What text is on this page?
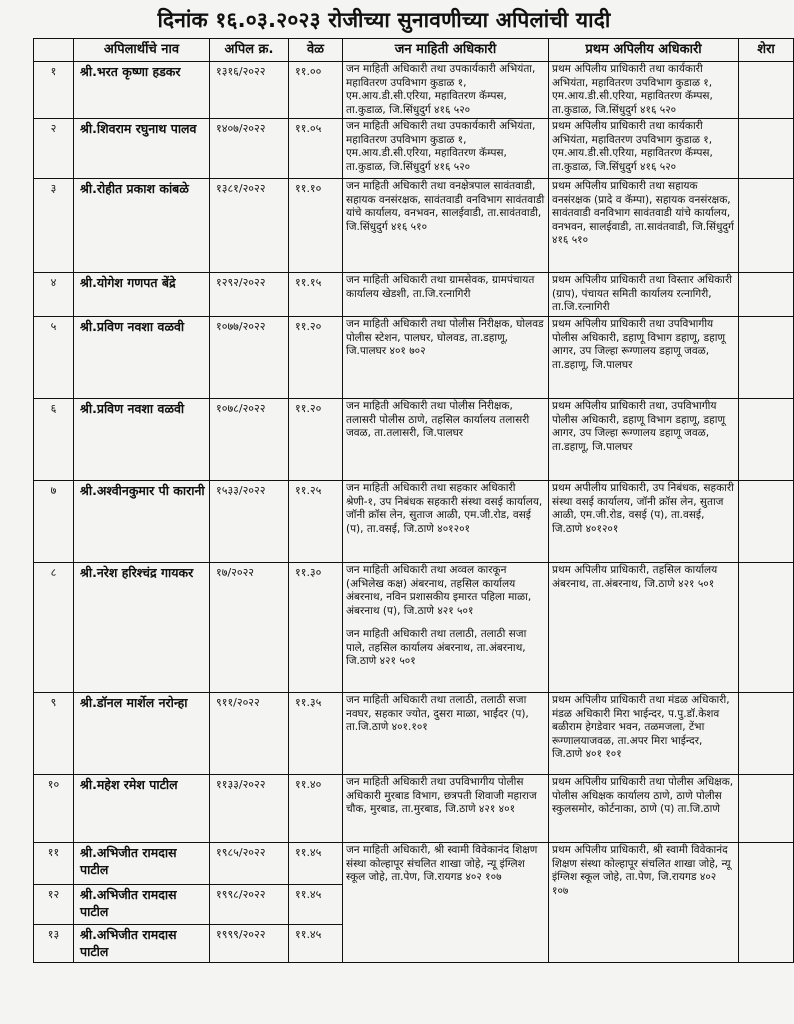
दिनांक १६.०३.२०२३ रोजीच्या सुनावणीच्या अपिलांची यादी
	अपिलार्थीचे नाव	अपिल क्र.	वेळ	जन माहिती अधिकारी	प्रथम अपिलीय अधिकारी	शेरा
१	श्री.भरत कृष्णा हडकर	१३१६/२०२२	११.००	जन माहिती अधिकारी तथा उपकार्यकारी अभियंता, महावितरण उपविभाग कुडाळ १, एम.आय.डी.सी.एरिया, महावितरण कॅम्पस, ता.कुडाळ, जि.सिंधुदुर्ग ४१६ ५२०	प्रथम अपिलीय प्राधिकारी तथा कार्यकारी अभियंता, महावितरण उपविभाग कुडाळ १, एम.आय.डी.सी.एरिया, महावितरण कॅम्पस, ता.कुडाळ, जि.सिंधुदुर्ग ४१६ ५२०	
२	श्री.शिवराम रघुनाथ पालव	१४०७/२०२२	११.०५	जन माहिती अधिकारी तथा उपकार्यकारी अभियंता, महावितरण उपविभाग कुडाळ १, एम.आय.डी.सी.एरिया, महावितरण कॅम्पस, ता.कुडाळ, जि.सिंधुदुर्ग ४१६ ५२०	प्रथम अपिलीय प्राधिकारी तथा कार्यकारी अभियंता, महावितरण उपविभाग कुडाळ १, एम.आय.डी.सी.एरिया, महावितरण कॅम्पस, ता.कुडाळ, जि.सिंधुदुर्ग ४१६ ५२०	
३	श्री.रोहीत प्रकाश कांबळे	१३८१/२०२२	११.१०	जन माहिती अधिकारी तथा वनक्षेत्रपाल सावंतवाडी, सहायक वनसंरक्षक, सावंतवाडी वनविभाग सावंतवाडी यांचे कार्यालय, वनभवन, सालईवाडी, ता.सावंतवाडी, जि.सिंधुदुर्ग ४१६ ५१०	प्रथम अपिलीय प्राधिकारी तथा सहायक वनसंरक्षक (प्रादे व कॅम्पा), सहायक वनसंरक्षक, सावंतवाडी वनविभाग सावंतवाडी यांचे कार्यालय, वनभवन, सालईवाडी, ता.सावंतवाडी, जि.सिंधुदुर्ग ४१६ ५१०	
४	श्री.योगेश गणपत बेंद्रे	१२९२/२०२२	११.१५	जन माहिती अधिकारी तथा ग्रामसेवक, ग्रामपंचायत कार्यालय खेडशी, ता.जि.रत्नागिरी	प्रथम अपिलीय प्राधिकारी तथा विस्तार अधिकारी (ग्राप), पंचायत समिती कार्यालय रत्नागिरी, ता.जि.रत्नागिरी	
५	श्री.प्रविण नवशा वळवी	१०७७/२०२२	११.२०	जन माहिती अधिकारी तथा पोलीस निरीक्षक, घोलवड पोलीस स्टेशन, पालघर, घोलवड, ता.डहाणू, जि.पालघर ४०१ ७०२	प्रथम अपिलीय प्राधिकारी तथा उपविभागीय पोलीस अधिकारी, डहाणू विभाग डहाणू, डहाणू आगर, उप जिल्हा रूग्णालय डहाणू जवळ, ता.डहाणू, जि.पालघर	
६	श्री.प्रविण नवशा वळवी	१०७८/२०२२	११.२०	जन माहिती अधिकारी तथा पोलीस निरीक्षक, तलासरी पोलीस ठाणे, तहसिल कार्यालय तलासरी जवळ, ता.तलासरी, जि.पालघर	प्रथम अपिलीय प्राधिकारी तथा, उपविभागीय पोलीस अधिकारी, डहाणू विभाग डहाणू, डहाणू आगर, उप जिल्हा रूग्णालय डहाणू जवळ, ता.डहाणू, जि.पालघर	
७	श्री.अश्वीनकुमार पी कारानी	१५३३/२०२२	११.२५	जन माहिती अधिकारी तथा सहकार अधिकारी श्रेणी-१, उप निबंधक सहकारी संस्था वसई कार्यालय, जॉनी क्रॉस लेन, सुताज आळी, एम.जी.रोड, वसई (प), ता.वसई, जि.ठाणे ४०१२०१	प्रथम अपीलीय प्राधिकारी, उप निबंधक, सहकारी संस्था वसई कार्यालय, जॉनी क्रॉस लेन, सुताज आळी, एम.जी.रोड, वसई (प), ता.वसई, जि.ठाणे ४०१२०१	
८	श्री.नरेश हरिश्चंद्र गायकर	१७/२०२२	११.३०	जन माहिती अधिकारी तथा अव्वल कारकून (अभिलेख कक्ष) अंबरनाथ, तहसिल कार्यालय अंबरनाथ, नविन प्रशासकीय इमारत पहिला माळा, अंबरनाथ (प), जि.ठाणे ४२१ ५०१
जन माहिती अधिकारी तथा तलाठी, तलाठी सजा पाले, तहसिल कार्यालय अंबरनाथ, ता.अंबरनाथ, जि.ठाणे ४२१ ५०१	प्रथम अपिलीय प्राधिकारी, तहसिल कार्यालय अंबरनाथ, ता.अंबरनाथ, जि.ठाणे ४२१ ५०१	
९	श्री.डॉनल मार्शेल नरोन्हा	९११/२०२२	११.३५	जन माहिती अधिकारी तथा तलाठी, तलाठी सजा नवघर, सहकार ज्योत, दुसरा माळा, भाईंदर (प), ता.जि.ठाणे ४०१.१०१	प्रथम अपिलीय प्राधिकारी तथा मंडळ अधिकारी, मंडळ अधिकारी मिरा भाईन्दर, प.पु.डॉ.केशव बळीराम हेगडेवार भवन, तळमजला, टेंभा रूग्णालयाजवळ, ता.अपर मिरा भाईन्दर, जि.ठाणे ४०१ १०१	
१०	श्री.महेश रमेश पाटील	११३३/२०२२	११.४०	जन माहिती अधिकारी तथा उपविभागीय पोलीस अधिकारी मुरबाड विभाग, छत्रपती शिवाजी महाराज चौक, मुरबाड, ता.मुरबाड, जि.ठाणे ४२१ ४०१	प्रथम अपिलीय प्राधिकारी तथा पोलीस अधिक्षक, पोलीस अधिक्षक कार्यालय ठाणे, ठाणे पोलीस स्कुलसमोर, कोर्टनाका, ठाणे (प) ता.जि.ठाणे	
११	श्री.अभिजीत रामदास पाटील	१९८५/२०२२	११.४५	जन माहिती अधिकारी, श्री स्वामी विवेकानंद शिक्षण संस्था कोल्हापूर संचलित शाखा जोहे, न्यू इंग्लिश स्कूल जोहे, ता.पेण, जि.रायगड ४०२ १०७	प्रथम अपिलीय प्राधिकारी, श्री स्वामी विवेकानंद शिक्षण संस्था कोल्हापूर संचलित शाखा जोहे, न्यू इंग्लिश स्कूल जोहे, ता.पेण, जि.रायगड ४०२ १०७	
१२	श्री.अभिजीत रामदास पाटील	१९९८/२०२२	११.४५			
१३	श्री.अभिजीत रामदास पाटील	१९९९/२०२२	११.४५			
